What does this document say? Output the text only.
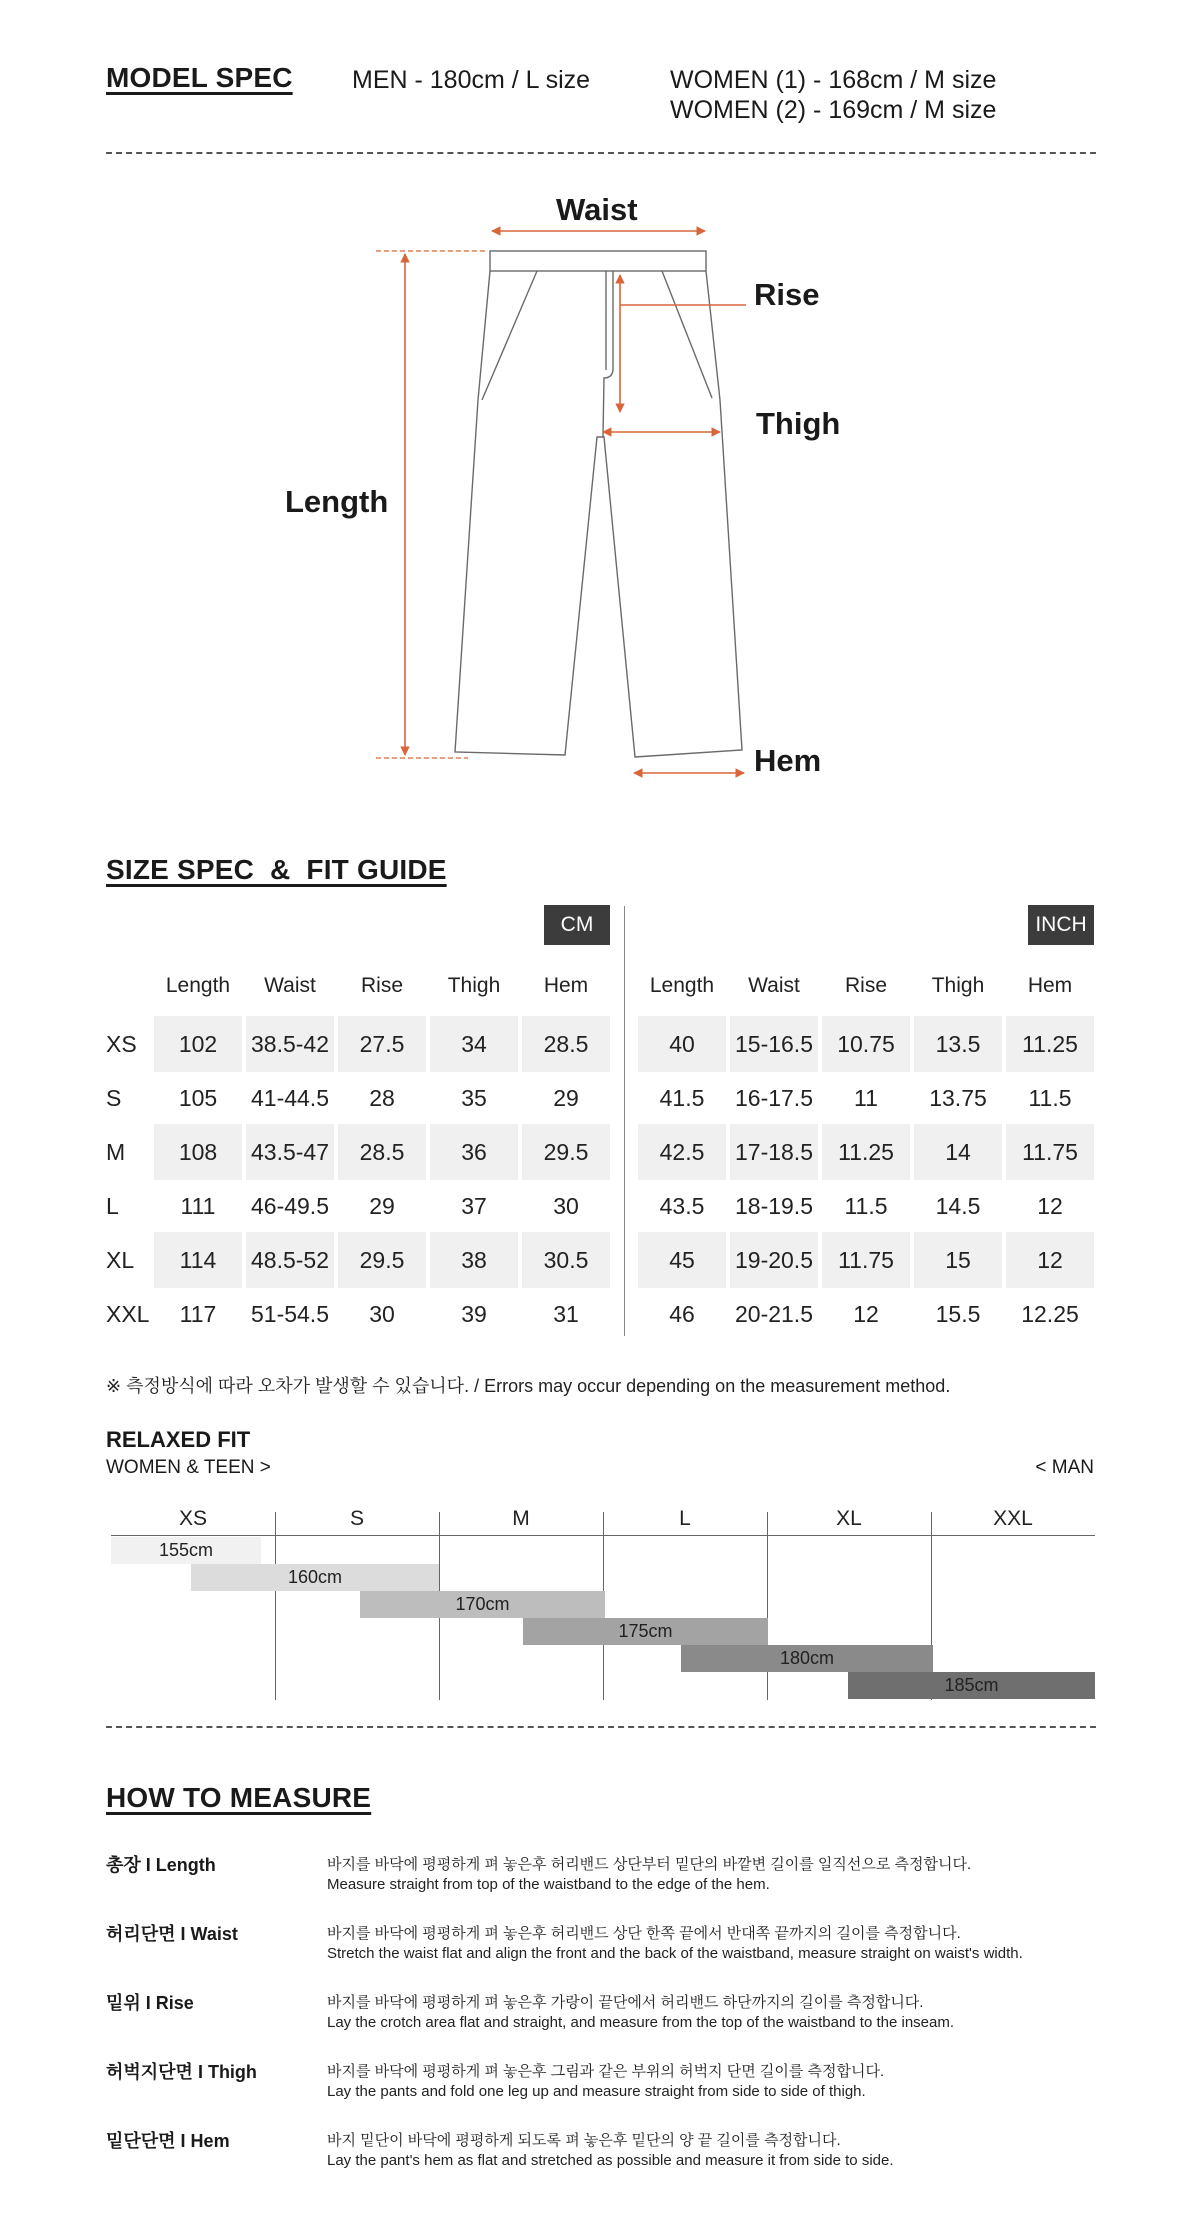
MODEL SPEC MEN - 180cm / L size	WOMEN (1) - 168cm / M size
WOMEN (2) - 169cm / M size
Waist
Rise
Thigh
Length
Hem
SIZE SPEC  &  FIT GUIDE
CM	INCH
Length	Length
Waist	Waist
Rise	Rise
Thigh	Thigh
Hem	Hem
XS	102	38.5-42	27.5	34	28.5	40	15-16.5	10.75	13.5	11.25
S	105	41-44.5	28	35	29	41.5	16-17.5	11	13.75	11.5
M	108	43.5-47	28.5	36	29.5	42.5	17-18.5	11.25	14	11.75
L	111	46-49.5	29	37	30	43.5	18-19.5	11.5	14.5	12
XL	114	48.5-52	29.5	38	30.5	45	19-20.5	11.75	15	12
XXL	117	51-54.5	30	39	31	46	20-21.5	12	15.5	12.25
※ 측정방식에 따라 오차가 발생할 수 있습니다. / Errors may occur depending on the measurement method.
RELAXED FIT
WOMEN & TEEN >	< MAN
XS	S	M	L	XL	XXL
155cm
160cm
170cm
175cm
180cm
185cm
HOW TO MEASURE
총장 I Length	바지를 바닥에 평평하게 펴 놓은후 허리밴드 상단부터 밑단의 바깥변 길이를 일직선으로 측정합니다.
Measure straight from top of the waistband to the edge of the hem.
허리단면 I Waist	바지를 바닥에 평평하게 펴 놓은후 허리밴드 상단 한쪽 끝에서 반대쪽 끝까지의 길이를 측정합니다.
Stretch the waist flat and align the front and the back of the waistband, measure straight on waist's width.
밑위 I Rise	바지를 바닥에 평평하게 펴 놓은후 가랑이 끝단에서 허리밴드 하단까지의 길이를 측정합니다.
Lay the crotch area flat and straight, and measure from the top of the waistband to the inseam.
허벅지단면 I Thigh	바지를 바닥에 평평하게 펴 놓은후 그림과 같은 부위의 허벅지 단면 길이를 측정합니다.
Lay the pants and fold one leg up and measure straight from side to side of thigh.
밑단단면 I Hem	바지 밑단이 바닥에 평평하게 되도록 펴 놓은후 밑단의 양 끝 길이를 측정합니다.
Lay the pant's hem as flat and stretched as possible and measure it from side to side.
